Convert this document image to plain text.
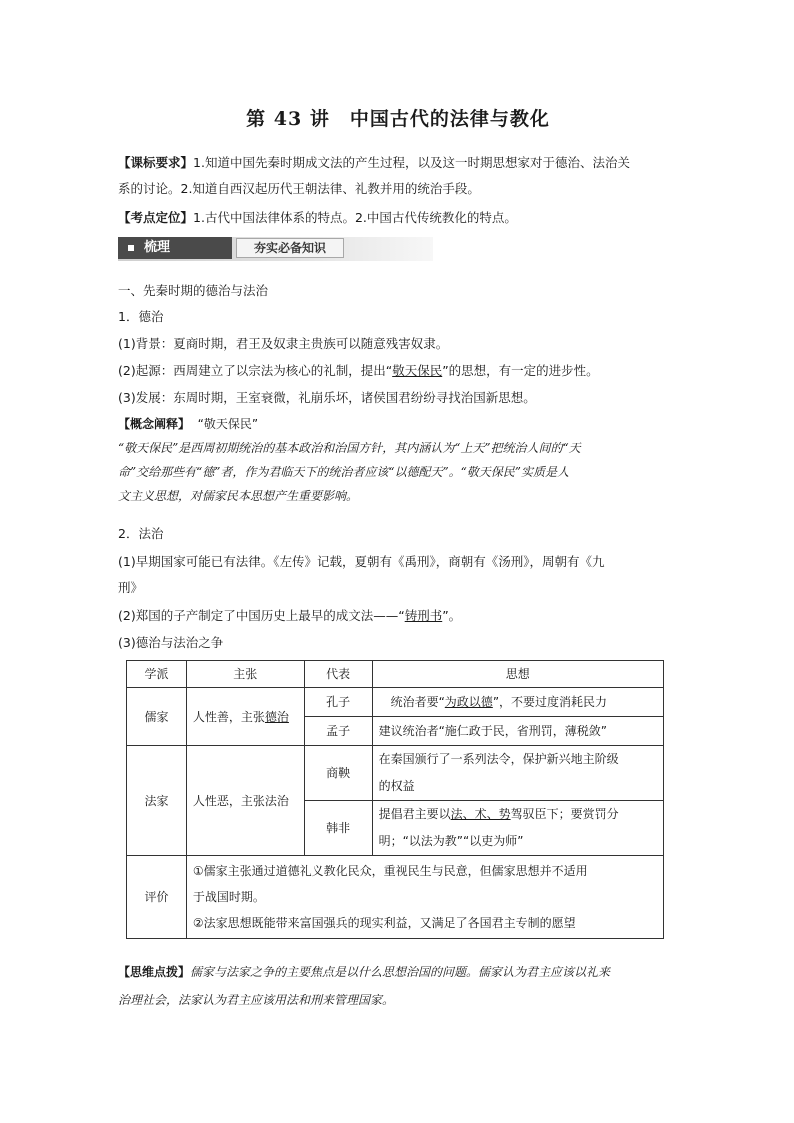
第 43 讲　中国古代的法律与教化

【课标要求】1.知道中国先秦时期成文法的产生过程，以及这一时期思想家对于德治、法治关

系的讨论。2.知道自西汉起历代王朝法律、礼教并用的统治手段。

【考点定位】1.古代中国法律体系的特点。2.中国古代传统教化的特点。

梳理	夯实必备知识

一、先秦时期的德治与法治

1．德治

(1)背景：夏商时期，君王及奴隶主贵族可以随意残害奴隶。

(2)起源：西周建立了以宗法为核心的礼制，提出“敬天保民”的思想，有一定的进步性。

(3)发展：东周时期，王室衰微，礼崩乐坏，诸侯国君纷纷寻找治国新思想。

【概念阐释】 “敬天保民”
“敬天保民”是西周初期统治的基本政治和治国方针，其内涵认为“上天”把统治人间的“天
命”交给那些有“德”者，作为君临天下的统治者应该“以德配天”。“敬天保民”实质是人
文主义思想，对儒家民本思想产生重要影响。

2．法治

(1)早期国家可能已有法律。《左传》记载，夏朝有《禹刑》，商朝有《汤刑》，周朝有《九

刑》

(2)郑国的子产制定了中国历史上最早的成文法——“铸刑书”。

(3)德治与法治之争

学派	主张	代表	思想
儒家	人性善，主张德治	孔子	统治者要“为政以德”，不要过度消耗民力
		孟子	建议统治者“施仁政于民，省刑罚，薄税敛”
法家	人性恶，主张法治	商鞅	在秦国颁行了一系列法令，保护新兴地主阶级
的权益

		韩非	提倡君主要以法、术、势驾驭臣下；要赏罚分
明；“以法为教”“以吏为师”

评价	①儒家主张通过道德礼义教化民众，重视民生与民意，但儒家思想并不适用
于战国时期。
②法家思想既能带来富国强兵的现实利益，又满足了各国君主专制的愿望		
【思维点拨】儒家与法家之争的主要焦点是以什么思想治国的问题。儒家认为君主应该以礼来
治理社会，法家认为君主应该用法和刑来管理国家。
